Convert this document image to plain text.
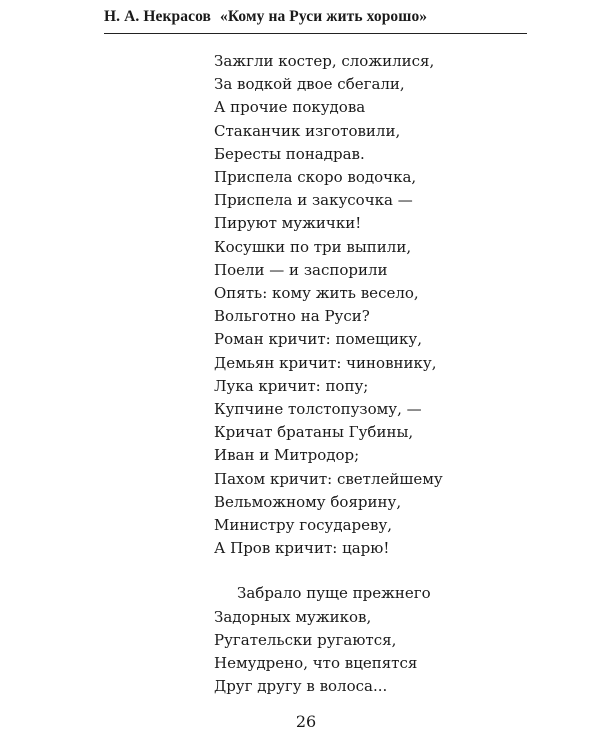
Н. А. Некрасов «Кому на Руси жить хорошо»
Зажгли костер, сложилися,
За водкой двое сбегали,
А прочие покудова
Стаканчик изготовили,
Бересты понадрав.
Приспела скоро водочка,
Приспела и закусочка —
Пируют мужички!
Косушки по три выпили,
Поели — и заспорили
Опять: кому жить весело,
Вольготно на Руси?
Роман кричит: помещику,
Демьян кричит: чиновнику,
Лука кричит: попу;
Купчине толстопузому, —
Кричат братаны Губины,
Иван и Митродор;
Пахом кричит: светлейшему
Вельможному боярину,
Министру государеву,
А Пров кричит: царю!
Забрало пуще прежнего
Задорных мужиков,
Ругательски ругаются,
Немудрено, что вцепятся
Друг другу в волоса...
26
